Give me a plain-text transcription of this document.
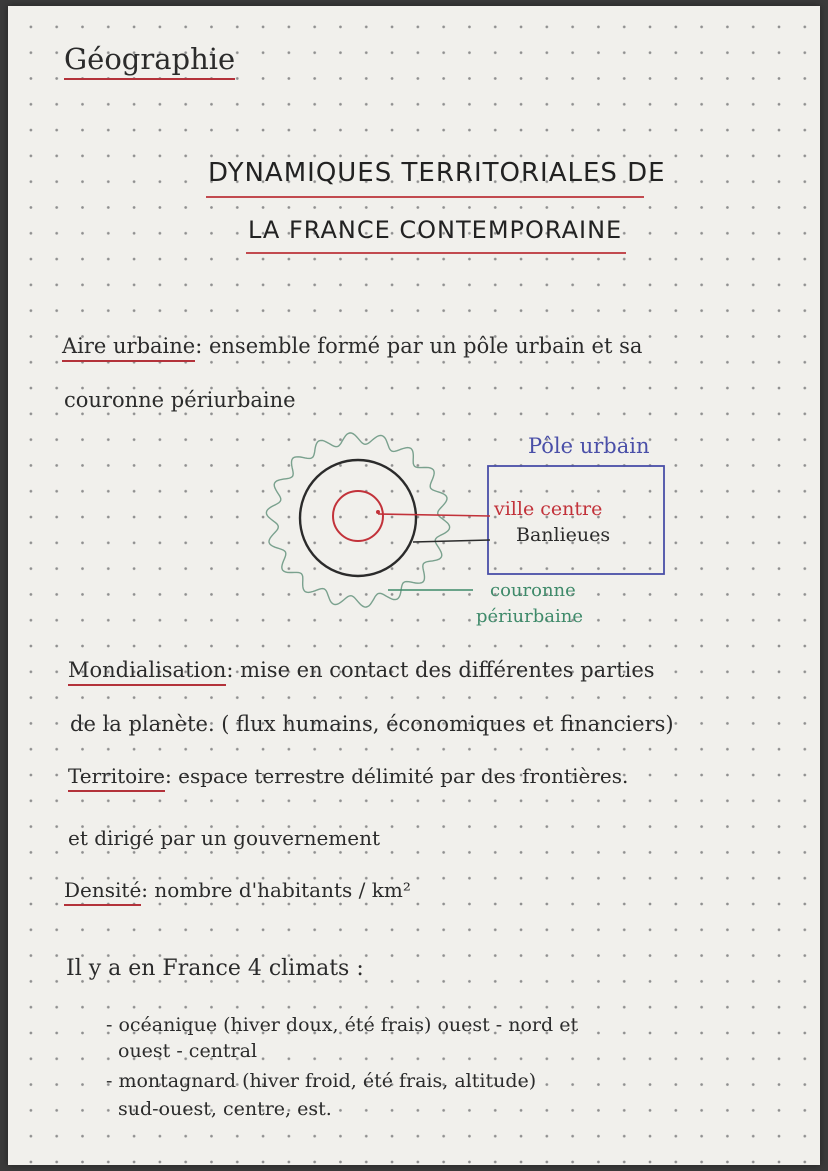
Géographie
DYNAMIQUES TERRITORIALES DE
LA FRANCE CONTEMPORAINE
Aire urbaine: ensemble formé par un pôle urbain et sa
couronne périurbaine
Pôle urbain
ville centre
Banlieues
couronne
périurbaine
Mondialisation: mise en contact des différentes parties
de la planète. ( flux humains, économiques et financiers)
Territoire: espace terrestre délimité par des frontières.
et dirigé par un gouvernement
Densité: nombre d'habitants / km²
Il y a en France 4 climats :
- océanique (hiver doux, été frais) ouest - nord et
ouest - central
- montagnard (hiver froid, été frais, altitude)
sud-ouest, centre, est.
